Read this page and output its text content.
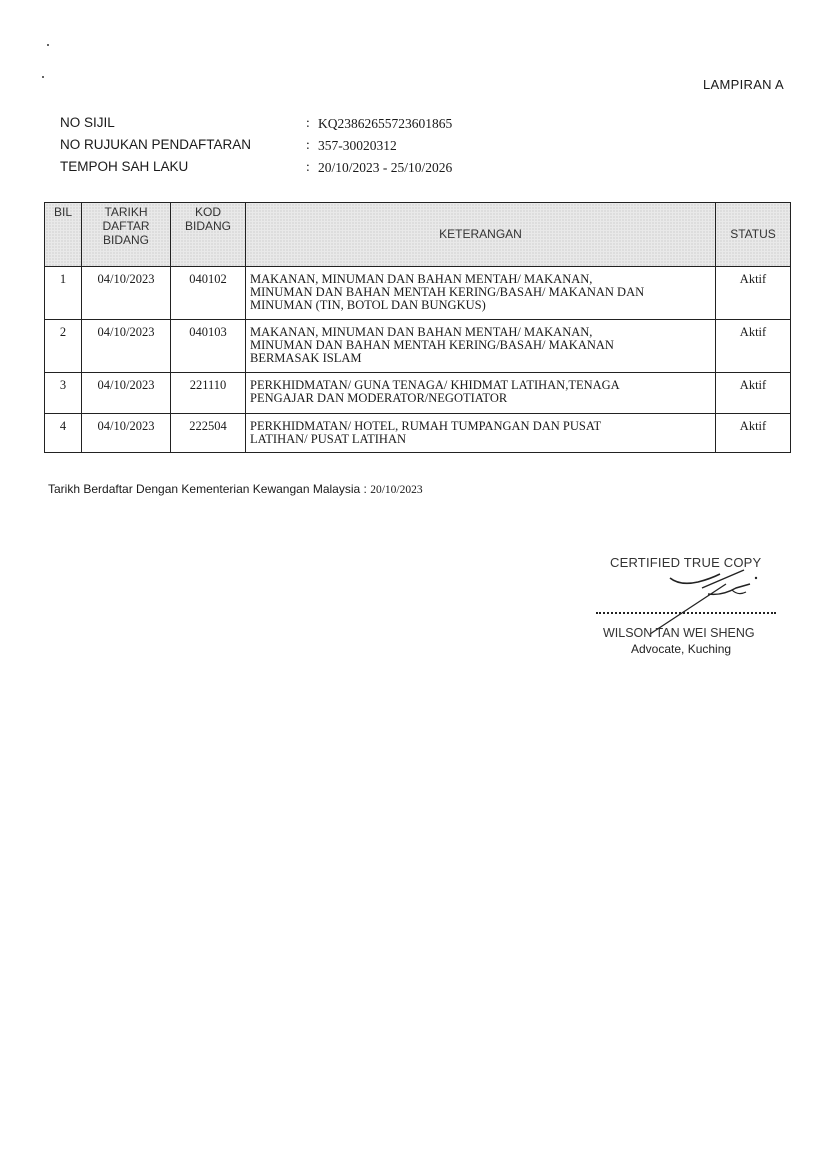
LAMPIRAN A
NO SIJIL	: KQ23862655723601865
NO RUJUKAN PENDAFTARAN	: 357-30020312
TEMPOH SAH LAKU	: 20/10/2023 - 25/10/2026
BIL	TARIKH
DAFTAR
BIDANG	KOD
BIDANG	KETERANGAN	STATUS
1	04/10/2023	040102	MAKANAN, MINUMAN DAN BAHAN MENTAH/ MAKANAN,
MINUMAN DAN BAHAN MENTAH KERING/BASAH/ MAKANAN DAN
MINUMAN (TIN, BOTOL DAN BUNGKUS)	Aktif
2	04/10/2023	040103	MAKANAN, MINUMAN DAN BAHAN MENTAH/ MAKANAN,
MINUMAN DAN BAHAN MENTAH KERING/BASAH/ MAKANAN
BERMASAK ISLAM	Aktif
3	04/10/2023	221110	PERKHIDMATAN/ GUNA TENAGA/ KHIDMAT LATIHAN,TENAGA
PENGAJAR DAN MODERATOR/NEGOTIATOR	Aktif
4	04/10/2023	222504	PERKHIDMATAN/ HOTEL, RUMAH TUMPANGAN DAN PUSAT
LATIHAN/ PUSAT LATIHAN	Aktif
Tarikh Berdaftar Dengan Kementerian Kewangan Malaysia : 20/10/2023
CERTIFIED TRUE COPY
WILSON TAN WEI SHENG
Advocate, Kuching
